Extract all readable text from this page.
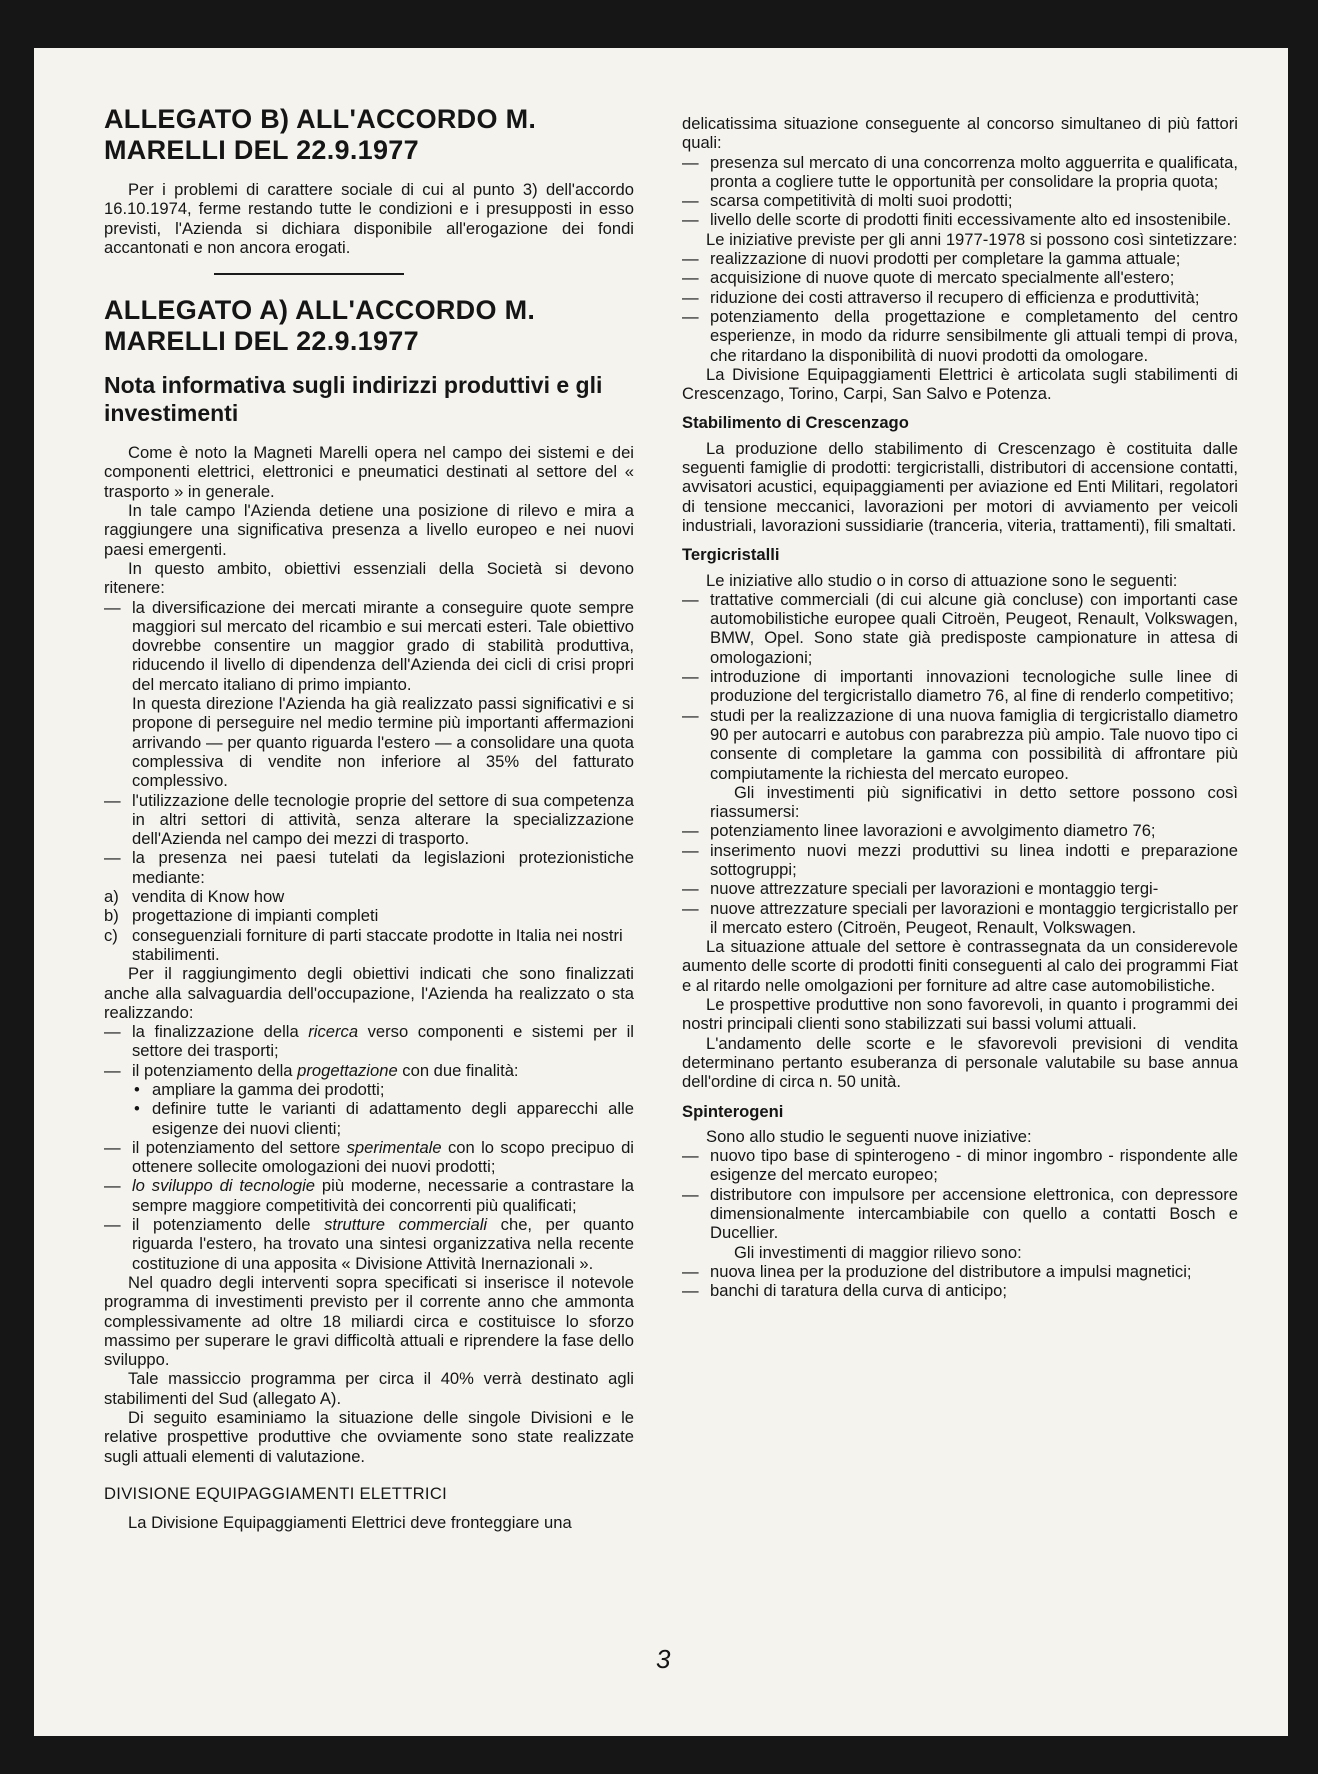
ALLEGATO B) ALL'ACCORDO M. MARELLI DEL 22.9.1977

Per i problemi di carattere sociale di cui al punto 3) dell'accordo 16.10.1974, ferme restando tutte le condizioni e i presupposti in esso previsti, l'Azienda si dichiara disponibile all'erogazione dei fondi accantonati e non ancora erogati.

ALLEGATO A) ALL'ACCORDO M. MARELLI DEL 22.9.1977
Nota informativa sugli indirizzi produttivi e gli investimenti

Come è noto la Magneti Marelli opera nel campo dei sistemi e dei componenti elettrici, elettronici e pneumatici destinati al settore del « trasporto » in generale.

In tale campo l'Azienda detiene una posizione di rilevo e mira a raggiungere una significativa presenza a livello europeo e nei nuovi paesi emergenti.

In questo ambito, obiettivi essenziali della Società si devono ritenere:

— la diversificazione dei mercati mirante a conseguire quote sempre maggiori sul mercato del ricambio e sui mercati esteri. Tale obiettivo dovrebbe consentire un maggior grado di stabilità produttiva, riducendo il livello di dipendenza dell'Azienda dei cicli di crisi propri del mercato italiano di primo impianto.
In questa direzione l'Azienda ha già realizzato passi significativi e si propone di perseguire nel medio termine più importanti affermazioni arrivando — per quanto riguarda l'estero — a consolidare una quota complessiva di vendite non inferiore al 35% del fatturato complessivo.
— l'utilizzazione delle tecnologie proprie del settore di sua competenza in altri settori di attività, senza alterare la specializzazione dell'Azienda nel campo dei mezzi di trasporto.
— la presenza nei paesi tutelati da legislazioni protezionistiche mediante:
a) vendita di Know how
b) progettazione di impianti completi
c) conseguenziali forniture di parti staccate prodotte in Italia nei nostri stabilimenti.

Per il raggiungimento degli obiettivi indicati che sono finalizzati anche alla salvaguardia dell'occupazione, l'Azienda ha realizzato o sta realizzando:

— la finalizzazione della ricerca verso componenti e sistemi per il settore dei trasporti;
— il potenziamento della progettazione con due finalità:
• ampliare la gamma dei prodotti;
• definire tutte le varianti di adattamento degli apparecchi alle esigenze dei nuovi clienti;
— il potenziamento del settore sperimentale con lo scopo precipuo di ottenere sollecite omologazioni dei nuovi prodotti;
— lo sviluppo di tecnologie più moderne, necessarie a contrastare la sempre maggiore competitività dei concorrenti più qualificati;
— il potenziamento delle strutture commerciali che, per quanto riguarda l'estero, ha trovato una sintesi organizzativa nella recente costituzione di una apposita « Divisione Attività Inernazionali ».

Nel quadro degli interventi sopra specificati si inserisce il notevole programma di investimenti previsto per il corrente anno che ammonta complessivamente ad oltre 18 miliardi circa e costituisce lo sforzo massimo per superare le gravi difficoltà attuali e riprendere la fase dello sviluppo.

Tale massiccio programma per circa il 40% verrà destinato agli stabilimenti del Sud (allegato A).

Di seguito esaminiamo la situazione delle singole Divisioni e le relative prospettive produttive che ovviamente sono state realizzate sugli attuali elementi di valutazione.

DIVISIONE EQUIPAGGIAMENTI ELETTRICI

La Divisione Equipaggiamenti Elettrici deve fronteggiare una

3

delicatissima situazione conseguente al concorso simultaneo di più fattori quali:

— presenza sul mercato di una concorrenza molto agguerrita e qualificata, pronta a cogliere tutte le opportunità per consolidare la propria quota;
— scarsa competitività di molti suoi prodotti;
— livello delle scorte di prodotti finiti eccessivamente alto ed insostenibile.

Le iniziative previste per gli anni 1977-1978 si possono così sintetizzare:

— realizzazione di nuovi prodotti per completare la gamma attuale;
— acquisizione di nuove quote di mercato specialmente all'estero;
— riduzione dei costi attraverso il recupero di efficienza e produttività;
— potenziamento della progettazione e completamento del centro esperienze, in modo da ridurre sensibilmente gli attuali tempi di prova, che ritardano la disponibilità di nuovi prodotti da omologare.

La Divisione Equipaggiamenti Elettrici è articolata sugli stabilimenti di Crescenzago, Torino, Carpi, San Salvo e Potenza.

Stabilimento di Crescenzago

La produzione dello stabilimento di Crescenzago è costituita dalle seguenti famiglie di prodotti: tergicristalli, distributori di accensione contatti, avvisatori acustici, equipaggiamenti per aviazione ed Enti Militari, regolatori di tensione meccanici, lavorazioni per motori di avviamento per veicoli industriali, lavorazioni sussidiarie (tranceria, viteria, trattamenti), fili smaltati.

Tergicristalli

Le iniziative allo studio o in corso di attuazione sono le seguenti:

— trattative commerciali (di cui alcune già concluse) con importanti case automobilistiche europee quali Citroën, Peugeot, Renault, Volkswagen, BMW, Opel. Sono state già predisposte campionature in attesa di omologazioni;
— introduzione di importanti innovazioni tecnologiche sulle linee di produzione del tergicristallo diametro 76, al fine di renderlo competitivo;
— studi per la realizzazione di una nuova famiglia di tergicristallo diametro 90 per autocarri e autobus con parabrezza più ampio. Tale nuovo tipo ci consente di completare la gamma con possibilità di affrontare più compiutamente la richiesta del mercato europeo.
Gli investimenti più significativi in detto settore possono così riassumersi:
— potenziamento linee lavorazioni e avvolgimento diametro 76;
— inserimento nuovi mezzi produttivi su linea indotti e preparazione sottogruppi;
— nuove attrezzature speciali per lavorazioni e montaggio tergi-
— nuove attrezzature speciali per lavorazioni e montaggio tergicristallo per il mercato estero (Citroën, Peugeot, Renault, Volkswagen.

La situazione attuale del settore è contrassegnata da un considerevole aumento delle scorte di prodotti finiti conseguenti al calo dei programmi Fiat e al ritardo nelle omolgazioni per forniture ad altre case automobilistiche.

Le prospettive produttive non sono favorevoli, in quanto i programmi dei nostri principali clienti sono stabilizzati sui bassi volumi attuali.

L'andamento delle scorte e le sfavorevoli previsioni di vendita determinano pertanto esuberanza di personale valutabile su base annua dell'ordine di circa n. 50 unità.

Spinterogeni

Sono allo studio le seguenti nuove iniziative:

— nuovo tipo base di spinterogeno - di minor ingombro - rispondente alle esigenze del mercato europeo;
— distributore con impulsore per accensione elettronica, con depressore dimensionalmente intercambiabile con quello a contatti Bosch e Ducellier.
Gli investimenti di maggior rilievo sono:
— nuova linea per la produzione del distributore a impulsi magnetici;
— banchi di taratura della curva di anticipo;
